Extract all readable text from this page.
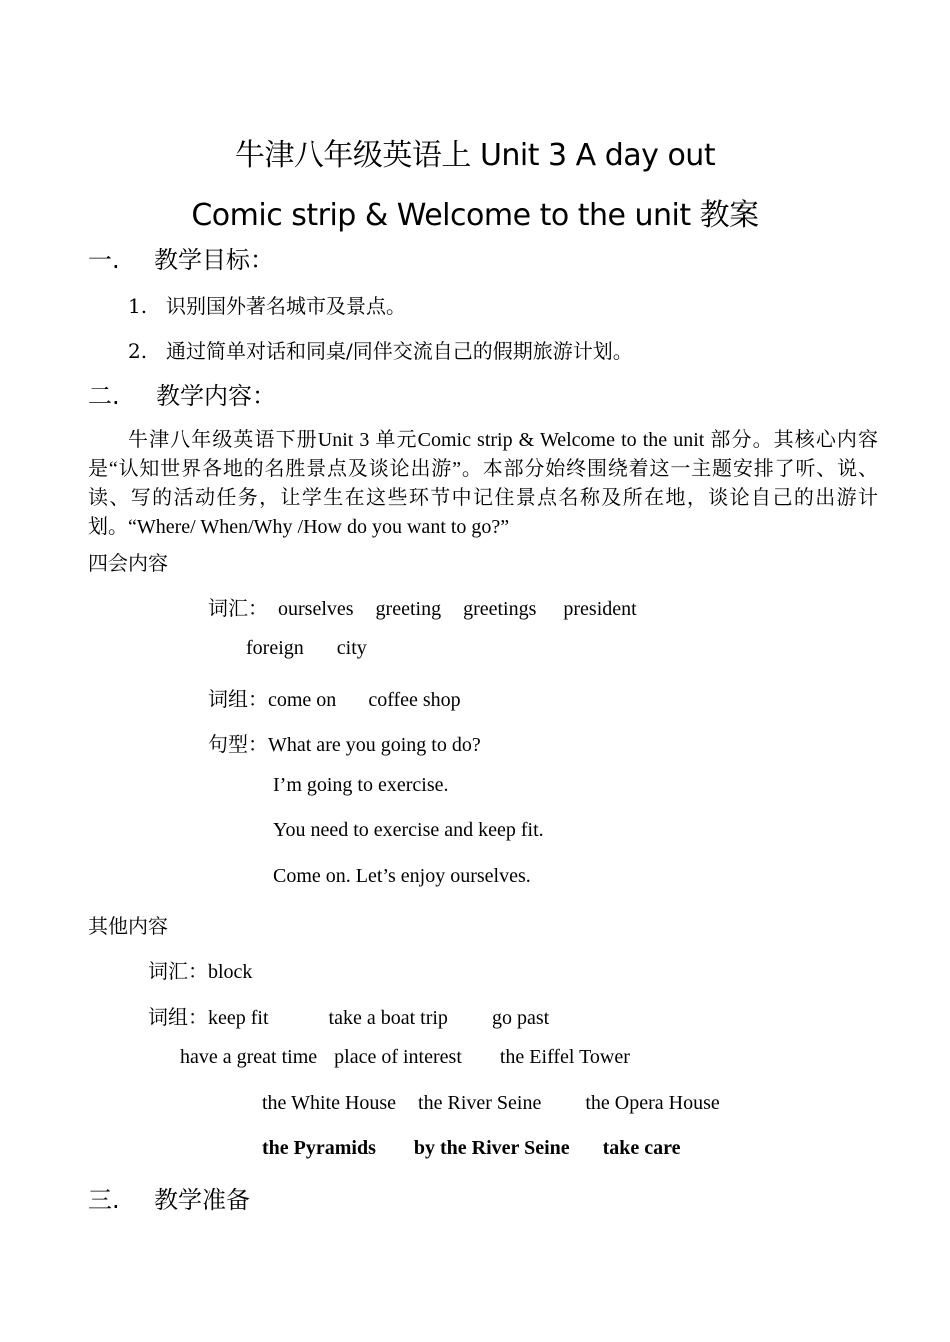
牛津八年级英语上 Unit 3 A day out
Comic strip & Welcome to the unit 教案
一. 教学目标：
1. 识别国外著名城市及景点。
2. 通过简单对话和同桌/同伴交流自己的假期旅游计划。
二. 教学内容：
牛津八年级英语下册Unit 3 单元Comic strip & Welcome to the unit 部分。其核心内容是“认知世界各地的名胜景点及谈论出游”。本部分始终围绕着这一主题安排了听、说、读、写的活动任务，让学生在这些环节中记住景点名称及所在地，谈论自己的出游计划。“Where/ When/Why /How do you want to go?”
四会内容
词汇： ourselves greeting greetings president
foreign city
词组：come on coffee shop
句型：What are you going to do?
I’m going to exercise.
You need to exercise and keep fit.
Come on. Let’s enjoy ourselves.
其他内容
词汇：block
词组：keep fit	take a boat trip go past
have a great time place of interest the Eiffel Tower
the White House the River Seine the Opera House
the Pyramids by the River Seine take care
三. 教学准备
